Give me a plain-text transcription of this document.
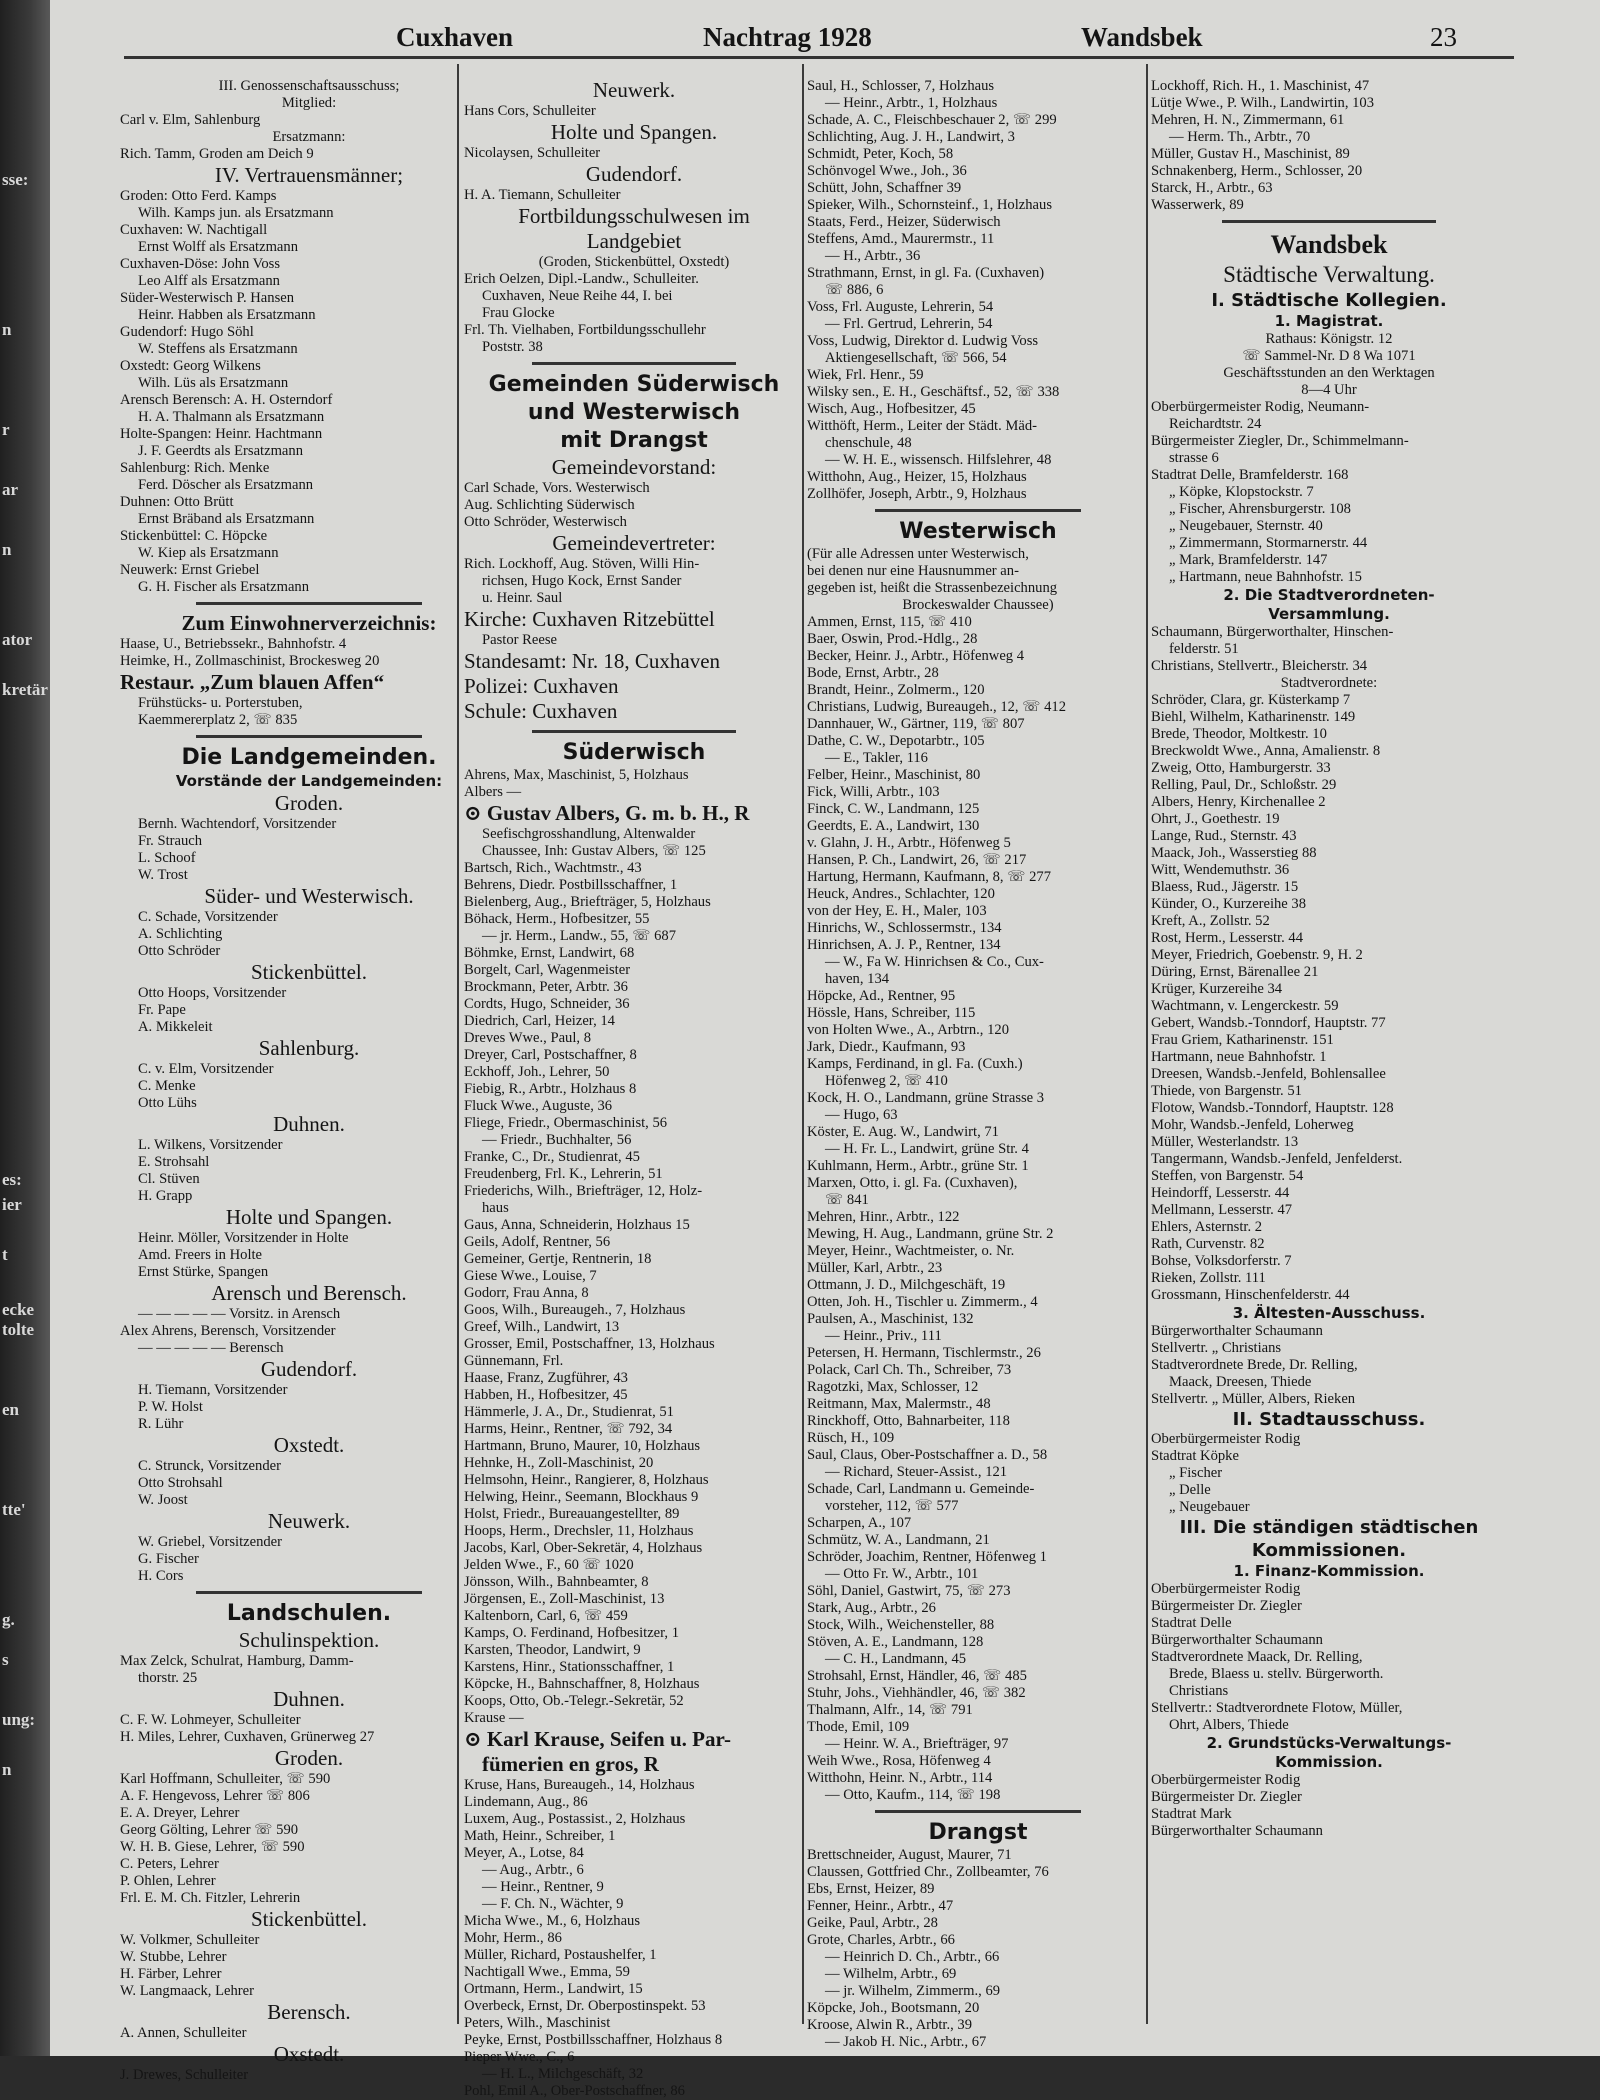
sse:
n
r
ar
n
ator
kretär
es:
ier
t
ecke
tolte
en
tte'
g.
s
ung:
n
Cuxhaven	Nachtrag 1928	Wandsbek	23
III. Genossenschaftsausschuss;
Mitglied:
Carl v. Elm, Sahlenburg
Ersatzmann:
Rich. Tamm, Groden am Deich 9
IV. Vertrauensmänner;
Groden: Otto Ferd. Kamps
Wilh. Kamps jun. als Ersatzmann
Cuxhaven: W. Nachtigall
Ernst Wolff als Ersatzmann
Cuxhaven-Döse: John Voss
Leo Alff als Ersatzmann
Süder-Westerwisch P. Hansen
Heinr. Habben als Ersatzmann
Gudendorf: Hugo Söhl
W. Steffens als Ersatzmann
Oxstedt: Georg Wilkens
Wilh. Lüs als Ersatzmann
Arensch Berensch: A. H. Osterndorf
H. A. Thalmann als Ersatzmann
Holte-Spangen: Heinr. Hachtmann
J. F. Geerdts als Ersatzmann
Sahlenburg: Rich. Menke
Ferd. Döscher als Ersatzmann
Duhnen: Otto Brütt
Ernst Bräband als Ersatzmann
Stickenbüttel: C. Höpcke
W. Kiep als Ersatzmann
Neuwerk: Ernst Griebel
G. H. Fischer als Ersatzmann
Zum Einwohnerverzeichnis:
Haase, U., Betriebssekr., Bahnhofstr. 4
Heimke, H., Zollmaschinist, Brockesweg 20
Restaur. „Zum blauen Affen“
Frühstücks- u. Porterstuben,
Kaemmererplatz 2, ☏ 835
Die Landgemeinden.
Vorstände der Landgemeinden:
Groden.
Bernh. Wachtendorf, Vorsitzender
Fr. Strauch
L. Schoof
W. Trost
Süder- und Westerwisch.
C. Schade, Vorsitzender
A. Schlichting
Otto Schröder
Stickenbüttel.
Otto Hoops, Vorsitzender
Fr. Pape
A. Mikkeleit
Sahlenburg.
C. v. Elm, Vorsitzender
C. Menke
Otto Lühs
Duhnen.
L. Wilkens, Vorsitzender
E. Strohsahl
Cl. Stüven
H. Grapp
Holte und Spangen.
Heinr. Möller, Vorsitzender in Holte
Amd. Freers in Holte
Ernst Stürke, Spangen
Arensch und Berensch.
— — — — — Vorsitz. in Arensch
Alex Ahrens, Berensch, Vorsitzender
— — — — — Berensch
Gudendorf.
H. Tiemann, Vorsitzender
P. W. Holst
R. Lühr
Oxstedt.
C. Strunck, Vorsitzender
Otto Strohsahl
W. Joost
Neuwerk.
W. Griebel, Vorsitzender
G. Fischer
H. Cors
Landschulen.
Schulinspektion.
Max Zelck, Schulrat, Hamburg, Damm-
thorstr. 25
Duhnen.
C. F. W. Lohmeyer, Schulleiter
H. Miles, Lehrer, Cuxhaven, Grünerweg 27
Groden.
Karl Hoffmann, Schulleiter, ☏ 590
A. F. Hengevoss, Lehrer ☏ 806
E. A. Dreyer, Lehrer
Georg Gölting, Lehrer ☏ 590
W. H. B. Giese, Lehrer, ☏ 590
C. Peters, Lehrer
P. Ohlen, Lehrer
Frl. E. M. Ch. Fitzler, Lehrerin
Stickenbüttel.
W. Volkmer, Schulleiter
W. Stubbe, Lehrer
H. Färber, Lehrer
W. Langmaack, Lehrer
Berensch.
A. Annen, Schulleiter
Oxstedt.
J. Drewes, Schulleiter
Neuwerk.
Hans Cors, Schulleiter
Holte und Spangen.
Nicolaysen, Schulleiter
Gudendorf.
H. A. Tiemann, Schulleiter
Fortbildungsschulwesen im
Landgebiet
(Groden, Stickenbüttel, Oxstedt)
Erich Oelzen, Dipl.-Landw., Schulleiter.
Cuxhaven, Neue Reihe 44, I. bei
Frau Glocke
Frl. Th. Vielhaben, Fortbildungsschullehr
Poststr. 38
Gemeinden Süderwisch
und Westerwisch
mit Drangst
Gemeindevorstand:
Carl Schade, Vors. Westerwisch
Aug. Schlichting Süderwisch
Otto Schröder, Westerwisch
Gemeindevertreter:
Rich. Lockhoff, Aug. Stöven, Willi Hin-
richsen, Hugo Kock, Ernst Sander
u. Heinr. Saul
Kirche: Cuxhaven Ritzebüttel
Pastor Reese
Standesamt: Nr. 18, Cuxhaven
Polizei: Cuxhaven
Schule: Cuxhaven
Süderwisch
Ahrens, Max, Maschinist, 5, Holzhaus
Albers —
⊙ Gustav Albers, G. m. b. H., R
Seefischgrosshandlung, Altenwalder
Chaussee, Inh: Gustav Albers, ☏ 125
Bartsch, Rich., Wachtmstr., 43
Behrens, Diedr. Postbillsschaffner, 1
Bielenberg, Aug., Briefträger, 5, Holzhaus
Böhack, Herm., Hofbesitzer, 55
— jr. Herm., Landw., 55, ☏ 687
Böhmke, Ernst, Landwirt, 68
Borgelt, Carl, Wagenmeister
Brockmann, Peter, Arbtr. 36
Cordts, Hugo, Schneider, 36
Diedrich, Carl, Heizer, 14
Dreves Wwe., Paul, 8
Dreyer, Carl, Postschaffner, 8
Eckhoff, Joh., Lehrer, 50
Fiebig, R., Arbtr., Holzhaus 8
Fluck Wwe., Auguste, 36
Fliege, Friedr., Obermaschinist, 56
— Friedr., Buchhalter, 56
Franke, C., Dr., Studienrat, 45
Freudenberg, Frl. K., Lehrerin, 51
Friederichs, Wilh., Briefträger, 12, Holz-
haus
Gaus, Anna, Schneiderin, Holzhaus 15
Geils, Adolf, Rentner, 56
Gemeiner, Gertje, Rentnerin, 18
Giese Wwe., Louise, 7
Godorr, Frau Anna, 8
Goos, Wilh., Bureaugeh., 7, Holzhaus
Greef, Wilh., Landwirt, 13
Grosser, Emil, Postschaffner, 13, Holzhaus
Günnemann, Frl.
Haase, Franz, Zugführer, 43
Habben, H., Hofbesitzer, 45
Hämmerle, J. A., Dr., Studienrat, 51
Harms, Heinr., Rentner, ☏ 792, 34
Hartmann, Bruno, Maurer, 10, Holzhaus
Hehnke, H., Zoll-Maschinist, 20
Helmsohn, Heinr., Rangierer, 8, Holzhaus
Helwing, Heinr., Seemann, Blockhaus 9
Holst, Friedr., Bureauangestellter, 89
Hoops, Herm., Drechsler, 11, Holzhaus
Jacobs, Karl, Ober-Sekretär, 4, Holzhaus
Jelden Wwe., F., 60 ☏ 1020
Jönsson, Wilh., Bahnbeamter, 8
Jörgensen, E., Zoll-Maschinist, 13
Kaltenborn, Carl, 6, ☏ 459
Kamps, O. Ferdinand, Hofbesitzer, 1
Karsten, Theodor, Landwirt, 9
Karstens, Hinr., Stationsschaffner, 1
Köpcke, H., Bahnschaffner, 8, Holzhaus
Koops, Otto, Ob.-Telegr.-Sekretär, 52
Krause —
⊙ Karl Krause, Seifen u. Par-
fümerien en gros, R
Kruse, Hans, Bureaugeh., 14, Holzhaus
Lindemann, Aug., 86
Luxem, Aug., Postassist., 2, Holzhaus
Math, Heinr., Schreiber, 1
Meyer, A., Lotse, 84
— Aug., Arbtr., 6
— Heinr., Rentner, 9
— F. Ch. N., Wächter, 9
Micha Wwe., M., 6, Holzhaus
Mohr, Herm., 86
Müller, Richard, Postaushelfer, 1
Nachtigall Wwe., Emma, 59
Ortmann, Herm., Landwirt, 15
Overbeck, Ernst, Dr. Oberpostinspekt. 53
Peters, Wilh., Maschinist
Peyke, Ernst, Postbillsschaffner, Holzhaus 8
Pieper Wwe., C., 6
— H. L., Milchgeschäft, 32
Pohl, Emil A., Ober-Postschaffner, 86
Saul, H., Schlosser, 7, Holzhaus
— Heinr., Arbtr., 1, Holzhaus
Schade, A. C., Fleischbeschauer 2, ☏ 299
Schlichting, Aug. J. H., Landwirt, 3
Schmidt, Peter, Koch, 58
Schönvogel Wwe., Joh., 36
Schütt, John, Schaffner 39
Spieker, Wilh., Schornsteinf., 1, Holzhaus
Staats, Ferd., Heizer, Süderwisch
Steffens, Amd., Maurermstr., 11
— H., Arbtr., 36
Strathmann, Ernst, in gl. Fa. (Cuxhaven)
☏ 886, 6
Voss, Frl. Auguste, Lehrerin, 54
— Frl. Gertrud, Lehrerin, 54
Voss, Ludwig, Direktor d. Ludwig Voss
Aktiengesellschaft, ☏ 566, 54
Wiek, Frl. Henr., 59
Wilsky sen., E. H., Geschäftsf., 52, ☏ 338
Wisch, Aug., Hofbesitzer, 45
Witthöft, Herm., Leiter der Städt. Mäd-
chenschule, 48
— W. H. E., wissensch. Hilfslehrer, 48
Witthohn, Aug., Heizer, 15, Holzhaus
Zollhöfer, Joseph, Arbtr., 9, Holzhaus
Westerwisch
(Für alle Adressen unter Westerwisch,
bei denen nur eine Hausnummer an-
gegeben ist, heißt die Strassenbezeichnung
Brockeswalder Chaussee)
Ammen, Ernst, 115, ☏ 410
Baer, Oswin, Prod.-Hdlg., 28
Becker, Heinr. J., Arbtr., Höfenweg 4
Bode, Ernst, Arbtr., 28
Brandt, Heinr., Zolmerm., 120
Christians, Ludwig, Bureaugeh., 12, ☏ 412
Dannhauer, W., Gärtner, 119, ☏ 807
Dathe, C. W., Depotarbtr., 105
— E., Takler, 116
Felber, Heinr., Maschinist, 80
Fick, Willi, Arbtr., 103
Finck, C. W., Landmann, 125
Geerdts, E. A., Landwirt, 130
v. Glahn, J. H., Arbtr., Höfenweg 5
Hansen, P. Ch., Landwirt, 26, ☏ 217
Hartung, Hermann, Kaufmann, 8, ☏ 277
Heuck, Andres., Schlachter, 120
von der Hey, E. H., Maler, 103
Hinrichs, W., Schlossermstr., 134
Hinrichsen, A. J. P., Rentner, 134
— W., Fa W. Hinrichsen & Co., Cux-
haven, 134
Höpcke, Ad., Rentner, 95
Hössle, Hans, Schreiber, 115
von Holten Wwe., A., Arbtrn., 120
Jark, Diedr., Kaufmann, 93
Kamps, Ferdinand, in gl. Fa. (Cuxh.)
Höfenweg 2, ☏ 410
Kock, H. O., Landmann, grüne Strasse 3
— Hugo, 63
Köster, E. Aug. W., Landwirt, 71
— H. Fr. L., Landwirt, grüne Str. 4
Kuhlmann, Herm., Arbtr., grüne Str. 1
Marxen, Otto, i. gl. Fa. (Cuxhaven),
☏ 841
Mehren, Hinr., Arbtr., 122
Mewing, H. Aug., Landmann, grüne Str. 2
Meyer, Heinr., Wachtmeister, o. Nr.
Müller, Karl, Arbtr., 23
Ottmann, J. D., Milchgeschäft, 19
Otten, Joh. H., Tischler u. Zimmerm., 4
Paulsen, A., Maschinist, 132
— Heinr., Priv., 111
Petersen, H. Hermann, Tischlermstr., 26
Polack, Carl Ch. Th., Schreiber, 73
Ragotzki, Max, Schlosser, 12
Reitmann, Max, Malermstr., 48
Rinckhoff, Otto, Bahnarbeiter, 118
Rüsch, H., 109
Saul, Claus, Ober-Postschaffner a. D., 58
— Richard, Steuer-Assist., 121
Schade, Carl, Landmann u. Gemeinde-
vorsteher, 112, ☏ 577
Scharpen, A., 107
Schmütz, W. A., Landmann, 21
Schröder, Joachim, Rentner, Höfenweg 1
— Otto Fr. W., Arbtr., 101
Söhl, Daniel, Gastwirt, 75, ☏ 273
Stark, Aug., Arbtr., 26
Stock, Wilh., Weichensteller, 88
Stöven, A. E., Landmann, 128
— C. H., Landmann, 45
Strohsahl, Ernst, Händler, 46, ☏ 485
Stuhr, Johs., Viehhändler, 46, ☏ 382
Thalmann, Alfr., 14, ☏ 791
Thode, Emil, 109
— Heinr. W. A., Briefträger, 97
Weih Wwe., Rosa, Höfenweg 4
Witthohn, Heinr. N., Arbtr., 114
— Otto, Kaufm., 114, ☏ 198
Drangst
Brettschneider, August, Maurer, 71
Claussen, Gottfried Chr., Zollbeamter, 76
Ebs, Ernst, Heizer, 89
Fenner, Heinr., Arbtr., 47
Geike, Paul, Arbtr., 28
Grote, Charles, Arbtr., 66
— Heinrich D. Ch., Arbtr., 66
— Wilhelm, Arbtr., 69
— jr. Wilhelm, Zimmerm., 69
Köpcke, Joh., Bootsmann, 20
Kroose, Alwin R., Arbtr., 39
— Jakob H. Nic., Arbtr., 67
Lockhoff, Rich. H., 1. Maschinist, 47
Lütje Wwe., P. Wilh., Landwirtin, 103
Mehren, H. N., Zimmermann, 61
— Herm. Th., Arbtr., 70
Müller, Gustav H., Maschinist, 89
Schnakenberg, Herm., Schlosser, 20
Starck, H., Arbtr., 63
Wasserwerk, 89
Wandsbek
Städtische Verwaltung.
I. Städtische Kollegien.
1. Magistrat.
Rathaus: Königstr. 12
☏ Sammel-Nr. D 8 Wa 1071
Geschäftsstunden an den Werktagen
8—4 Uhr
Oberbürgermeister Rodig, Neumann-
Reichardtstr. 24
Bürgermeister Ziegler, Dr., Schimmelmann-
strasse 6
Stadtrat Delle, Bramfelderstr. 168
„ Köpke, Klopstockstr. 7
„ Fischer, Ahrensburgerstr. 108
„ Neugebauer, Sternstr. 40
„ Zimmermann, Stormarnerstr. 44
„ Mark, Bramfelderstr. 147
„ Hartmann, neue Bahnhofstr. 15
2. Die Stadtverordneten-
Versammlung.
Schaumann, Bürgerworthalter, Hinschen-
felderstr. 51
Christians, Stellvertr., Bleicherstr. 34
Stadtverordnete:
Schröder, Clara, gr. Küsterkamp 7
Biehl, Wilhelm, Katharinenstr. 149
Brede, Theodor, Moltkestr. 10
Breckwoldt Wwe., Anna, Amalienstr. 8
Zweig, Otto, Hamburgerstr. 33
Relling, Paul, Dr., Schloßstr. 29
Albers, Henry, Kirchenallee 2
Ohrt, J., Goethestr. 19
Lange, Rud., Sternstr. 43
Maack, Joh., Wasserstieg 88
Witt, Wendemuthstr. 36
Blaess, Rud., Jägerstr. 15
Künder, O., Kurzereihe 38
Kreft, A., Zollstr. 52
Rost, Herm., Lesserstr. 44
Meyer, Friedrich, Goebenstr. 9, H. 2
Düring, Ernst, Bärenallee 21
Krüger, Kurzereihe 34
Wachtmann, v. Lengerckestr. 59
Gebert, Wandsb.-Tonndorf, Hauptstr. 77
Frau Griem, Katharinenstr. 151
Hartmann, neue Bahnhofstr. 1
Dreesen, Wandsb.-Jenfeld, Bohlensallee
Thiede, von Bargenstr. 51
Flotow, Wandsb.-Tonndorf, Hauptstr. 128
Mohr, Wandsb.-Jenfeld, Loherweg
Müller, Westerlandstr. 13
Tangermann, Wandsb.-Jenfeld, Jenfelderst.
Steffen, von Bargenstr. 54
Heindorff, Lesserstr. 44
Mellmann, Lesserstr. 47
Ehlers, Asternstr. 2
Rath, Curvenstr. 82
Bohse, Volksdorferstr. 7
Rieken, Zollstr. 111
Grossmann, Hinschenfelderstr. 44
3. Ältesten-Ausschuss.
Bürgerworthalter Schaumann
Stellvertr. „ Christians
Stadtverordnete Brede, Dr. Relling,
Maack, Dreesen, Thiede
Stellvertr. „ Müller, Albers, Rieken
II. Stadtausschuss.
Oberbürgermeister Rodig
Stadtrat Köpke
„ Fischer
„ Delle
„ Neugebauer
III. Die ständigen städtischen
Kommissionen.
1. Finanz-Kommission.
Oberbürgermeister Rodig
Bürgermeister Dr. Ziegler
Stadtrat Delle
Bürgerworthalter Schaumann
Stadtverordnete Maack, Dr. Relling,
Brede, Blaess u. stellv. Bürgerworth.
Christians
Stellvertr.: Stadtverordnete Flotow, Müller,
Ohrt, Albers, Thiede
2. Grundstücks-Verwaltungs-
Kommission.
Oberbürgermeister Rodig
Bürgermeister Dr. Ziegler
Stadtrat Mark
Bürgerworthalter Schaumann
